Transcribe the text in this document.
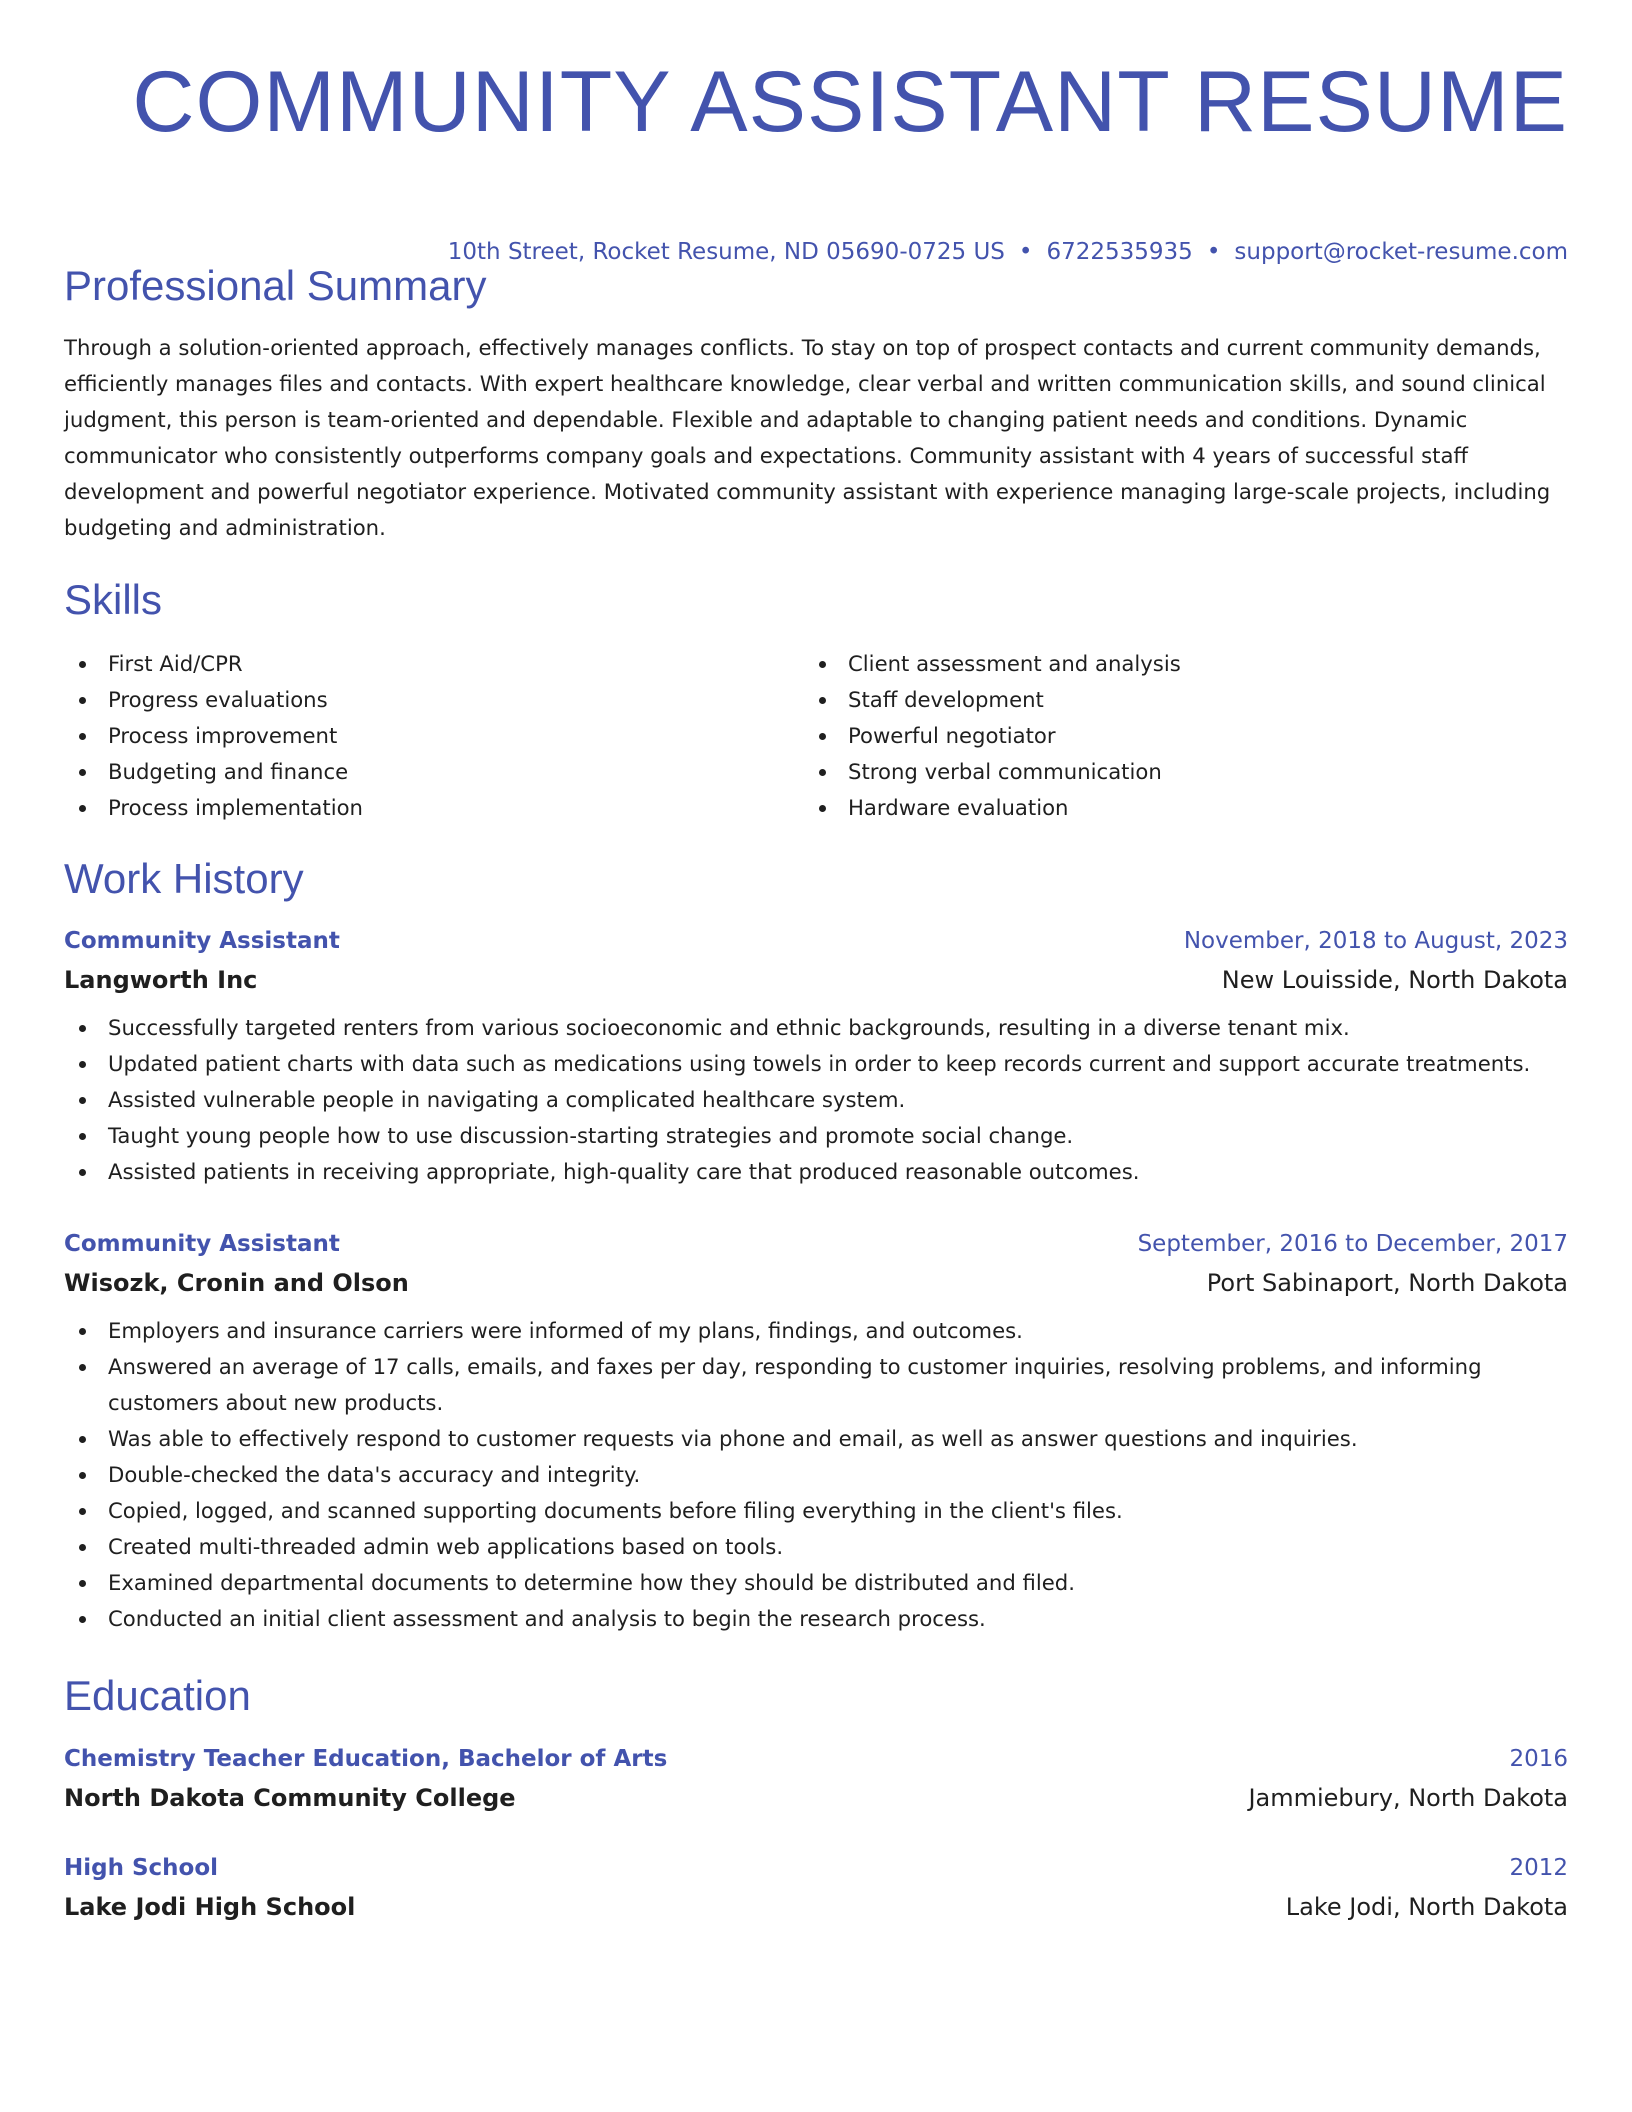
COMMUNITY ASSISTANT RESUME
10th Street, Rocket Resume, ND 05690-0725 US • 6722535935 • support@rocket-resume.com
Professional Summary

Through a solution-oriented approach, effectively manages conflicts. To stay on top of prospect contacts and current community demands, efficiently manages files and contacts. With expert healthcare knowledge, clear verbal and written communication skills, and sound clinical judgment, this person is team-oriented and dependable. Flexible and adaptable to changing patient needs and conditions. Dynamic communicator who consistently outperforms company goals and expectations. Community assistant with 4 years of successful staff development and powerful negotiator experience. Motivated community assistant with experience managing large-scale projects, including budgeting and administration.

Skills
First Aid/CPR
Progress evaluations
Process improvement
Budgeting and finance
Process implementation
Client assessment and analysis
Staff development
Powerful negotiator
Strong verbal communication
Hardware evaluation
Work History
Community Assistant	November, 2018 to August, 2023
Langworth Inc	New Louisside, North Dakota
Successfully targeted renters from various socioeconomic and ethnic backgrounds, resulting in a diverse tenant mix.
Updated patient charts with data such as medications using towels in order to keep records current and support accurate treatments.
Assisted vulnerable people in navigating a complicated healthcare system.
Taught young people how to use discussion-starting strategies and promote social change.
Assisted patients in receiving appropriate, high-quality care that produced reasonable outcomes.
Community Assistant	September, 2016 to December, 2017
Wisozk, Cronin and Olson	Port Sabinaport, North Dakota
Employers and insurance carriers were informed of my plans, findings, and outcomes.
Answered an average of 17 calls, emails, and faxes per day, responding to customer inquiries, resolving problems, and informing customers about new products.
Was able to effectively respond to customer requests via phone and email, as well as answer questions and inquiries.
Double-checked the data's accuracy and integrity.
Copied, logged, and scanned supporting documents before filing everything in the client's files.
Created multi-threaded admin web applications based on tools.
Examined departmental documents to determine how they should be distributed and filed.
Conducted an initial client assessment and analysis to begin the research process.
Education
Chemistry Teacher Education, Bachelor of Arts	2016
North Dakota Community College	Jammiebury, North Dakota
High School	2012
Lake Jodi High School	Lake Jodi, North Dakota
